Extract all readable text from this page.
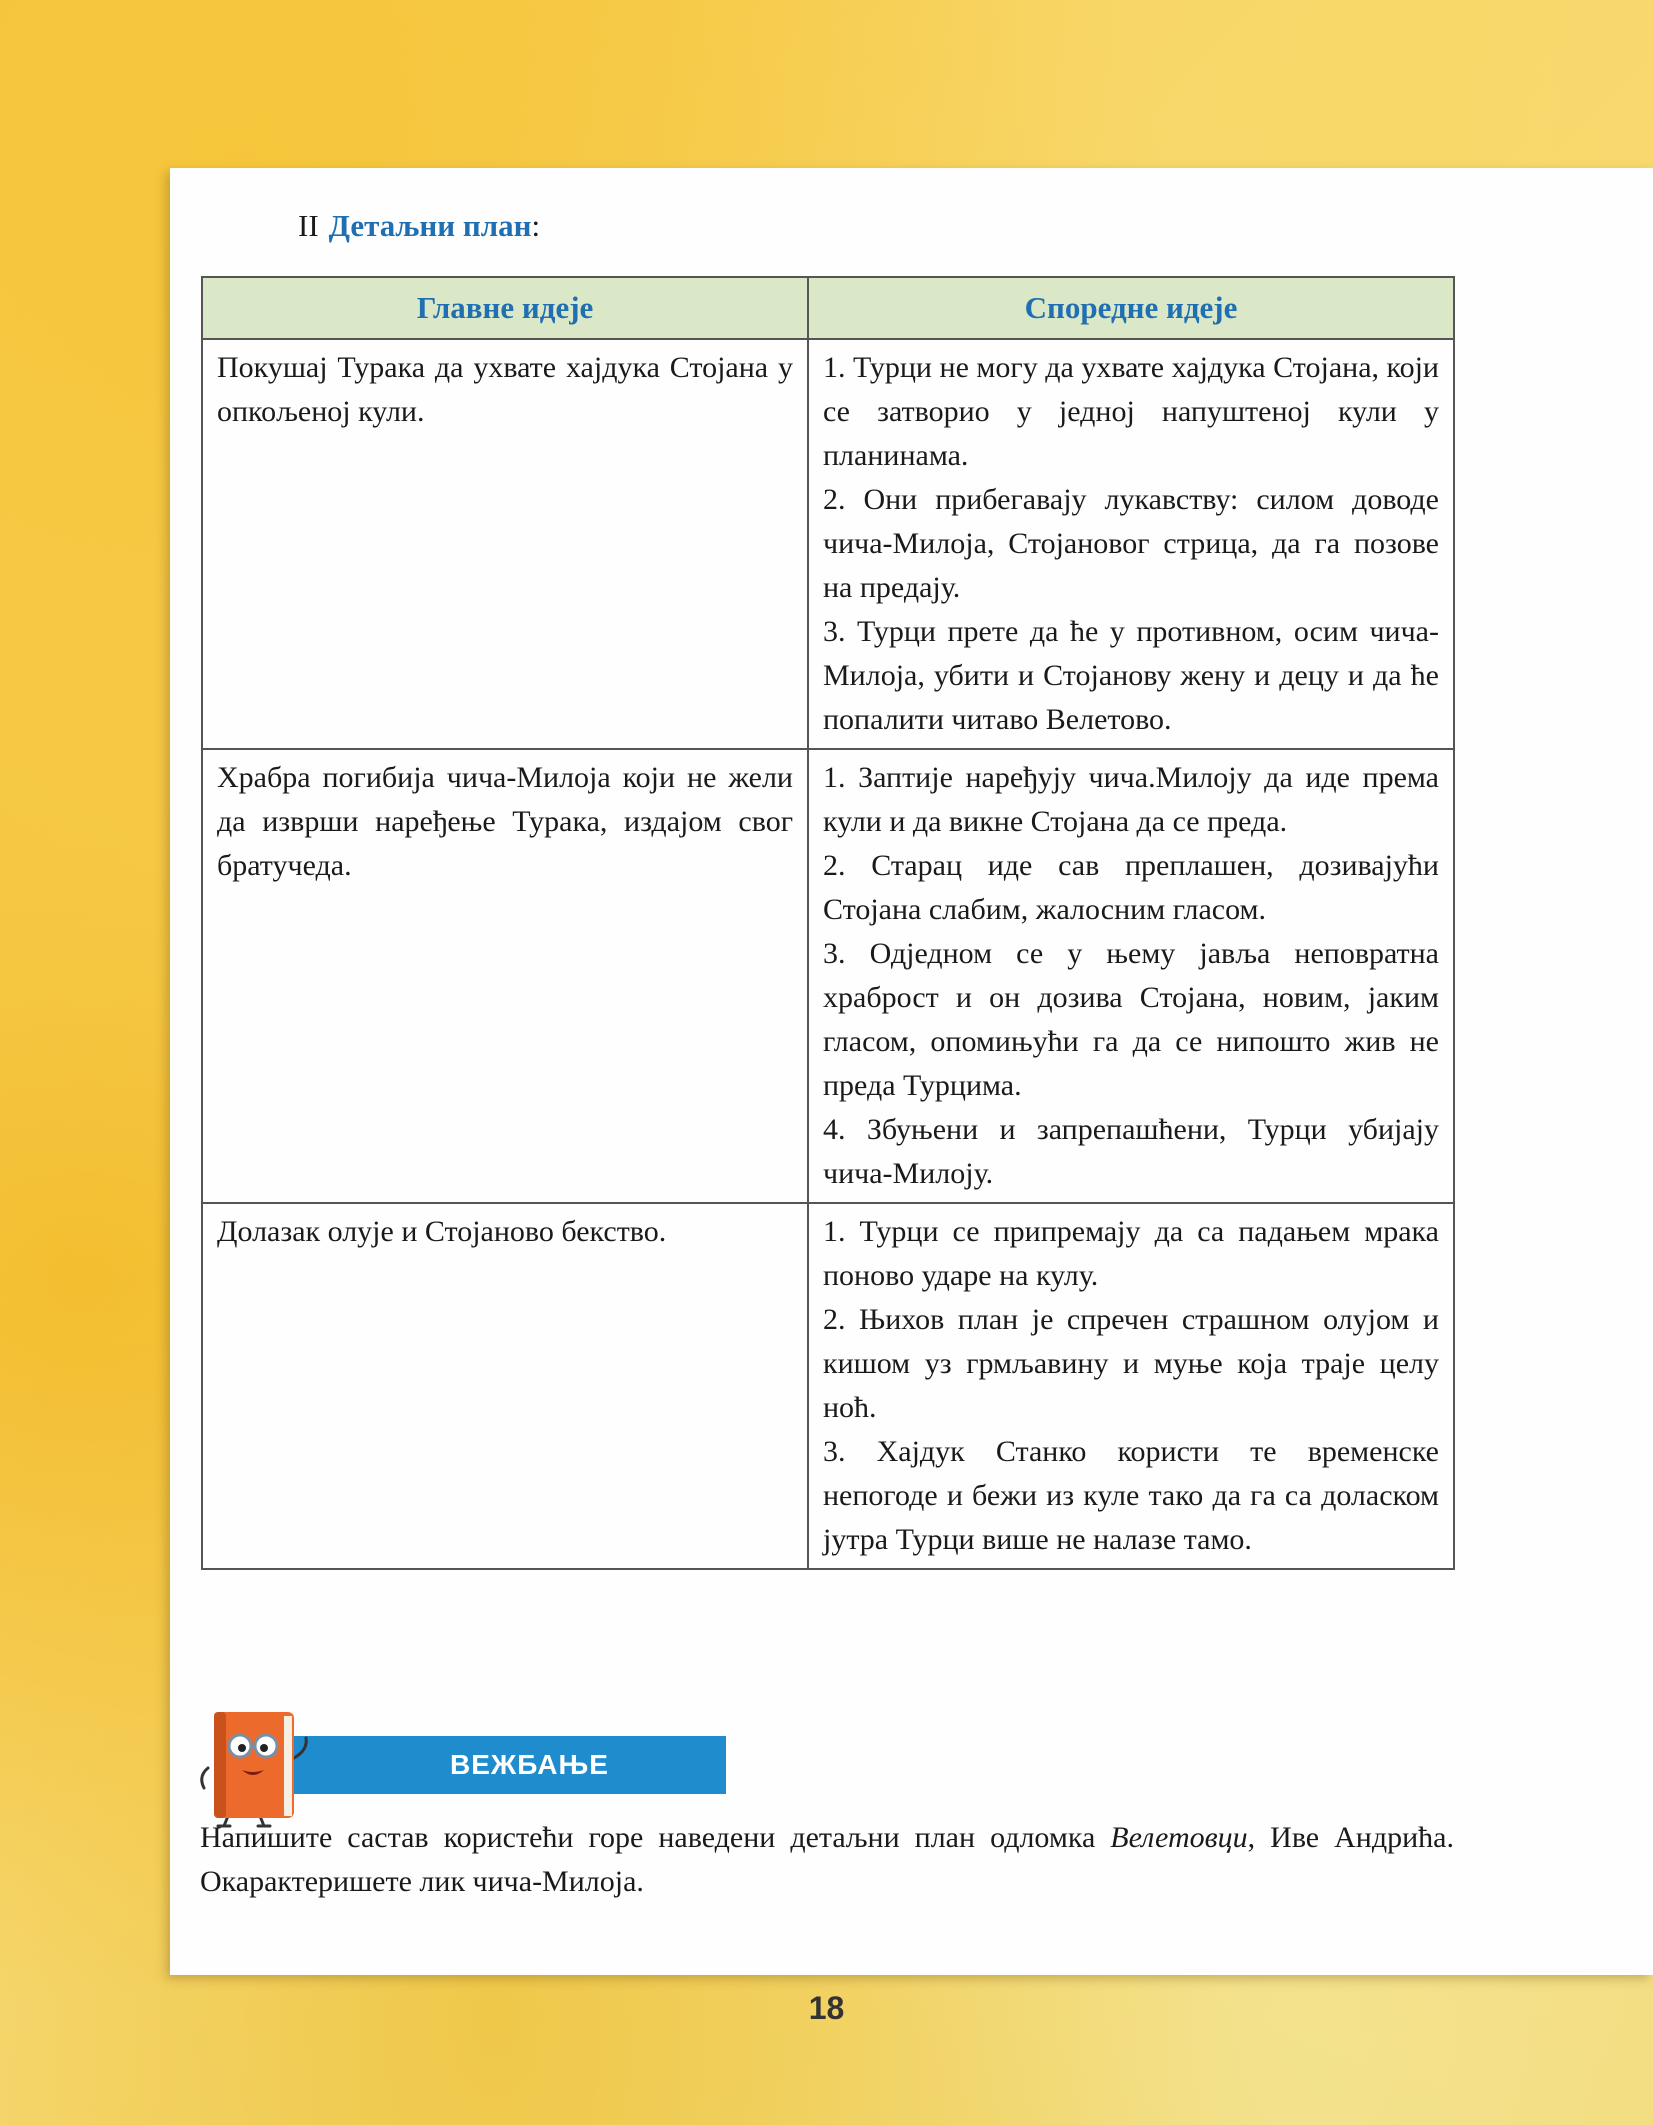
II Детаљни план:
Главне идеје	Споредне идеје
Покушај Турака да ухвате хајдука Стојана у опкољеној кули.	1. Турци не могу да ухвате хајдука Стојана, који се затворио у једној напуштеној кули у планинама.

2. Они прибегавају лукавству: силом доводе чича-Милоја, Стојановог стрица, да га позове на предају.

3. Турци прете да ће у противном, осим чича-Милоја, убити и Стојанову жену и децу и да ће попалити читаво Велетово.

Храбра погибија чича-Милоја који не жели да изврши наређење Турака, издајом свог братучеда.	1. Заптије наређују чича.Милоју да иде према кули и да викне Стојана да се преда.

2. Старац иде сав преплашен, дозивајући Стојана слабим, жалосним гласом.

3. Одједном се у њему јавља неповратна храброст и он дозива Стојана, новим, јаким гласом, опомињући га да се нипошто жив не преда Турцима.

4. Збуњени и запрепашћени, Турци убијају чича-Милоју.

Долазак олује и Стојаново бекство.	1. Турци се припремају да са падањем мрака поново ударе на кулу.

2. Њихов план је спречен страшном олујом и кишом уз грмљавину и муње која траје целу ноћ.

3. Хајдук Станко користи те временске непогоде и бежи из куле тако да га са доласком јутра Турци више не налазе тамо.

ВЕЖБАЊЕ
Напишите састав користећи горе наведени детаљни план одломка Велетовци, Иве Андрића. Окарактеришете лик чича-Милоја.
18
